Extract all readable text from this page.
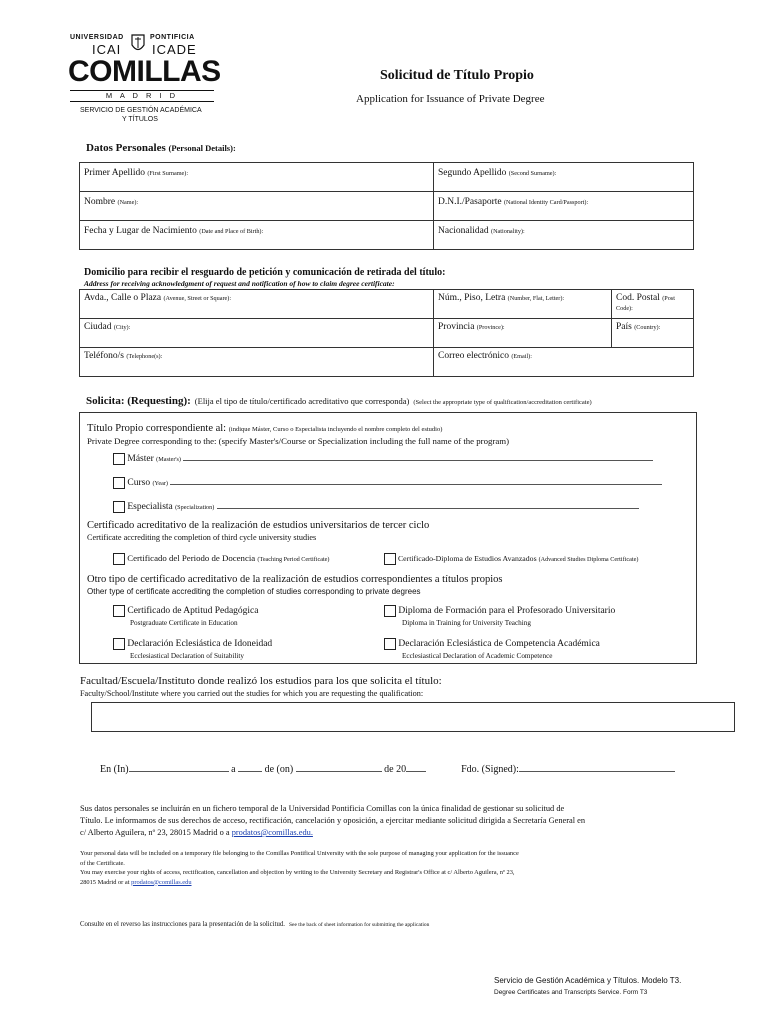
UNIVERSIDAD	PONTIFICIA
ICAI ICADE
COMILLAS
M A D R I D
SERVICIO DE GESTIÓN ACADÉMICA
Y TÍTULOS
Solicitud de Título Propio
Application for Issuance of Private Degree
Datos Personales (Personal Details):
Primer Apellido (First Surname):	Segundo Apellido (Second Surname):
Nombre (Name):	D.N.I./Pasaporte (National Identity Card/Passport):
Fecha y Lugar de Nacimiento (Date and Place of Birth):	Nacionalidad (Nationality):
Domicilio para recibir el resguardo de petición y comunicación de retirada del título:
Address for receiving acknowledgment of request and notification of how to claim degree certificate:
Avda., Calle o Plaza (Avenue, Street or Square):	Núm., Piso, Letra (Number, Flat, Letter):	Cod. Postal (Post Code):
Ciudad (City):	Provincia (Province):	País (Country):
Teléfono/s (Telephone(s):	Correo electrónico (Email):	
Solicita: (Requesting): (Elija el tipo de título/certificado acreditativo que corresponda) (Select the appropriate type of qualification/accreditation certificate)
Título Propio correspondiente al: (indique Máster, Curso o Especialista incluyendo el nombre completo del estudio)
Private Degree corresponding to the: (specify Master's/Course or Specialization including the full name of the program)
Máster (Master's)
Curso (Year)
Especialista (Specialization)
Certificado acreditativo de la realización de estudios universitarios de tercer ciclo
Certificate accrediting the completion of third cycle university studies
Certificado del Periodo de Docencia (Teaching Period Certificate)	Certificado-Diploma de Estudios Avanzados (Advanced Studies Diploma Certificate)
Otro tipo de certificado acreditativo de la realización de estudios correspondientes a títulos propios
Other type of certificate accrediting the completion of studies corresponding to private degrees
Certificado de Aptitud Pedagógica
Postgraduate Certificate in Education
Diploma de Formación para el Profesorado Universitario
Diploma in Training for University Teaching
Declaración Eclesiástica de Idoneidad
Ecclesiastical Declaration of Suitability
Declaración Eclesiástica de Competencia Académica
Ecclesiastical Declaration of Academic Competence
Facultad/Escuela/Instituto donde realizó los estudios para los que solicita el título:
Faculty/School/Institute where you carried out the studies for which you are requesting the qualification:
En (In)	a	de (on)	de 20	Fdo. (Signed):
Sus datos personales se incluirán en un fichero temporal de la Universidad Pontificia Comillas con la única finalidad de gestionar su solicitud de
Título. Le informamos de sus derechos de acceso, rectificación, cancelación y oposición, a ejercitar mediante solicitud dirigida a Secretaría General en
c/ Alberto Aguilera, nº 23, 28015 Madrid o a prodatos@comillas.edu.
Your personal data will be included on a temporary file belonging to the Comillas Pontifical University with the sole purpose of managing your application for the issuance
of the Certificate.
You may exercise your rights of access, rectification, cancellation and objection by writing to the University Secretary and Registrar's Office at c/ Alberto Aguilera, nº 23,
28015 Madrid or at prodatos@comillas.edu
Consulte en el reverso las instrucciones para la presentación de la solicitud. See the back of sheet information for submitting the application
Servicio de Gestión Académica y Títulos. Modelo T3.
Degree Certificates and Transcripts Service. Form T3
